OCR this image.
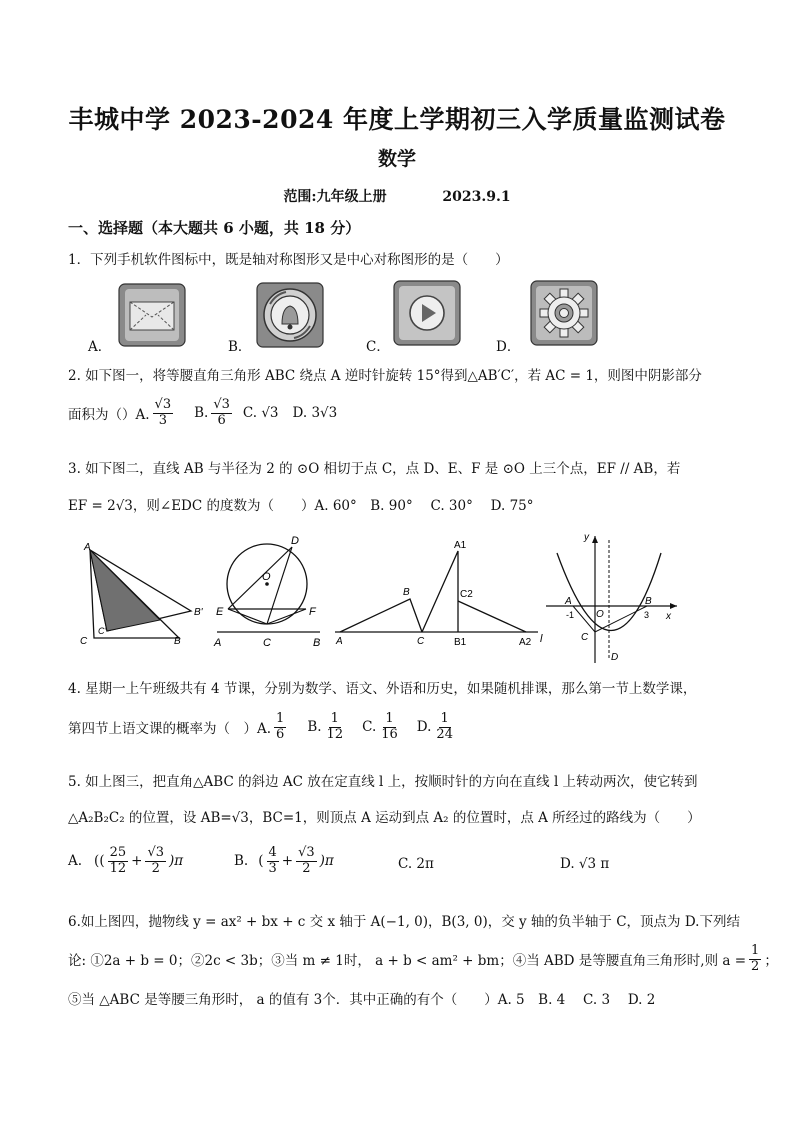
丰城中学 2023-2024 年度上学期初三入学质量监测试卷
数学
范围:九年级上册	2023.9.1
一、选择题（本大题共 6 小题，共 18 分）
1．下列手机软件图标中，既是轴对称图形又是中心对称图形的是（　　）
A．	B．	C．	D．
2. 如下图一，将等腰直角三角形 ABC 绕点 A 逆时针旋转 15°得到△AB′C′，若 AC = 1，则图中阴影部分
面积为（）A. $\frac{√3}{3} B$. $\frac{√3}{6} C$. √3 D. 3√3
3. 如下图二，直线 AB 与半径为 2 的 ⊙O 相切于点 C，点 D、E、F 是 ⊙O 上三个点，EF // AB，若
EF = 2√3，则∠EDC 的度数为（　　）A. 60°　B. 90°　 C. 30°　 D. 75°
A
B
C
B'
C'
D
O
E	F
A	C	B
A1
B	C2
A	C	B1	A2 l
y
x
A	B
O
C
D
-1	3
4. 星期一上午班级共有 4 节课，分别为数学、语文、外语和历史，如果随机排课，那么第一节上数学课，
第四节上语文课的概率为（　）A. $\frac{1}{6} B$. $\frac{1}{12} C$. $\frac{1}{16} D$. $\frac{1}{24}$
5. 如上图三，把直角△ABC 的斜边 AC 放在定直线 l 上，按顺时针的方向在直线 l 上转动两次，使它转到
△A₂B₂C₂ 的位置，设 AB=√3，BC=1，则顶点 A 运动到点 A₂ 的位置时，点 A 所经过的路线为（　　）
A. (( $\frac{25}{12} + \frac{√3}{2} )\pi$	B. ( $\frac{4}{3} + \frac{√3}{2} )\pi$	C. 2π	D. √3 π
6.如上图四，抛物线 y = ax² + bx + c 交 x 轴于 A(−1, 0)，B(3, 0)，交 y 轴的负半轴于 C，顶点为 D.下列结
论: ①2a + b = 0；②2c < 3b；③当 m ≠ 1时， a + b < am² + bm；④当 ABD 是等腰直角三角形时,则 $a = \frac{1}{2}$ ；
⑤当 △ABC 是等腰三角形时， a 的值有 3个．其中正确的有个（　　）A. 5　B. 4　 C. 3　 D. 2
